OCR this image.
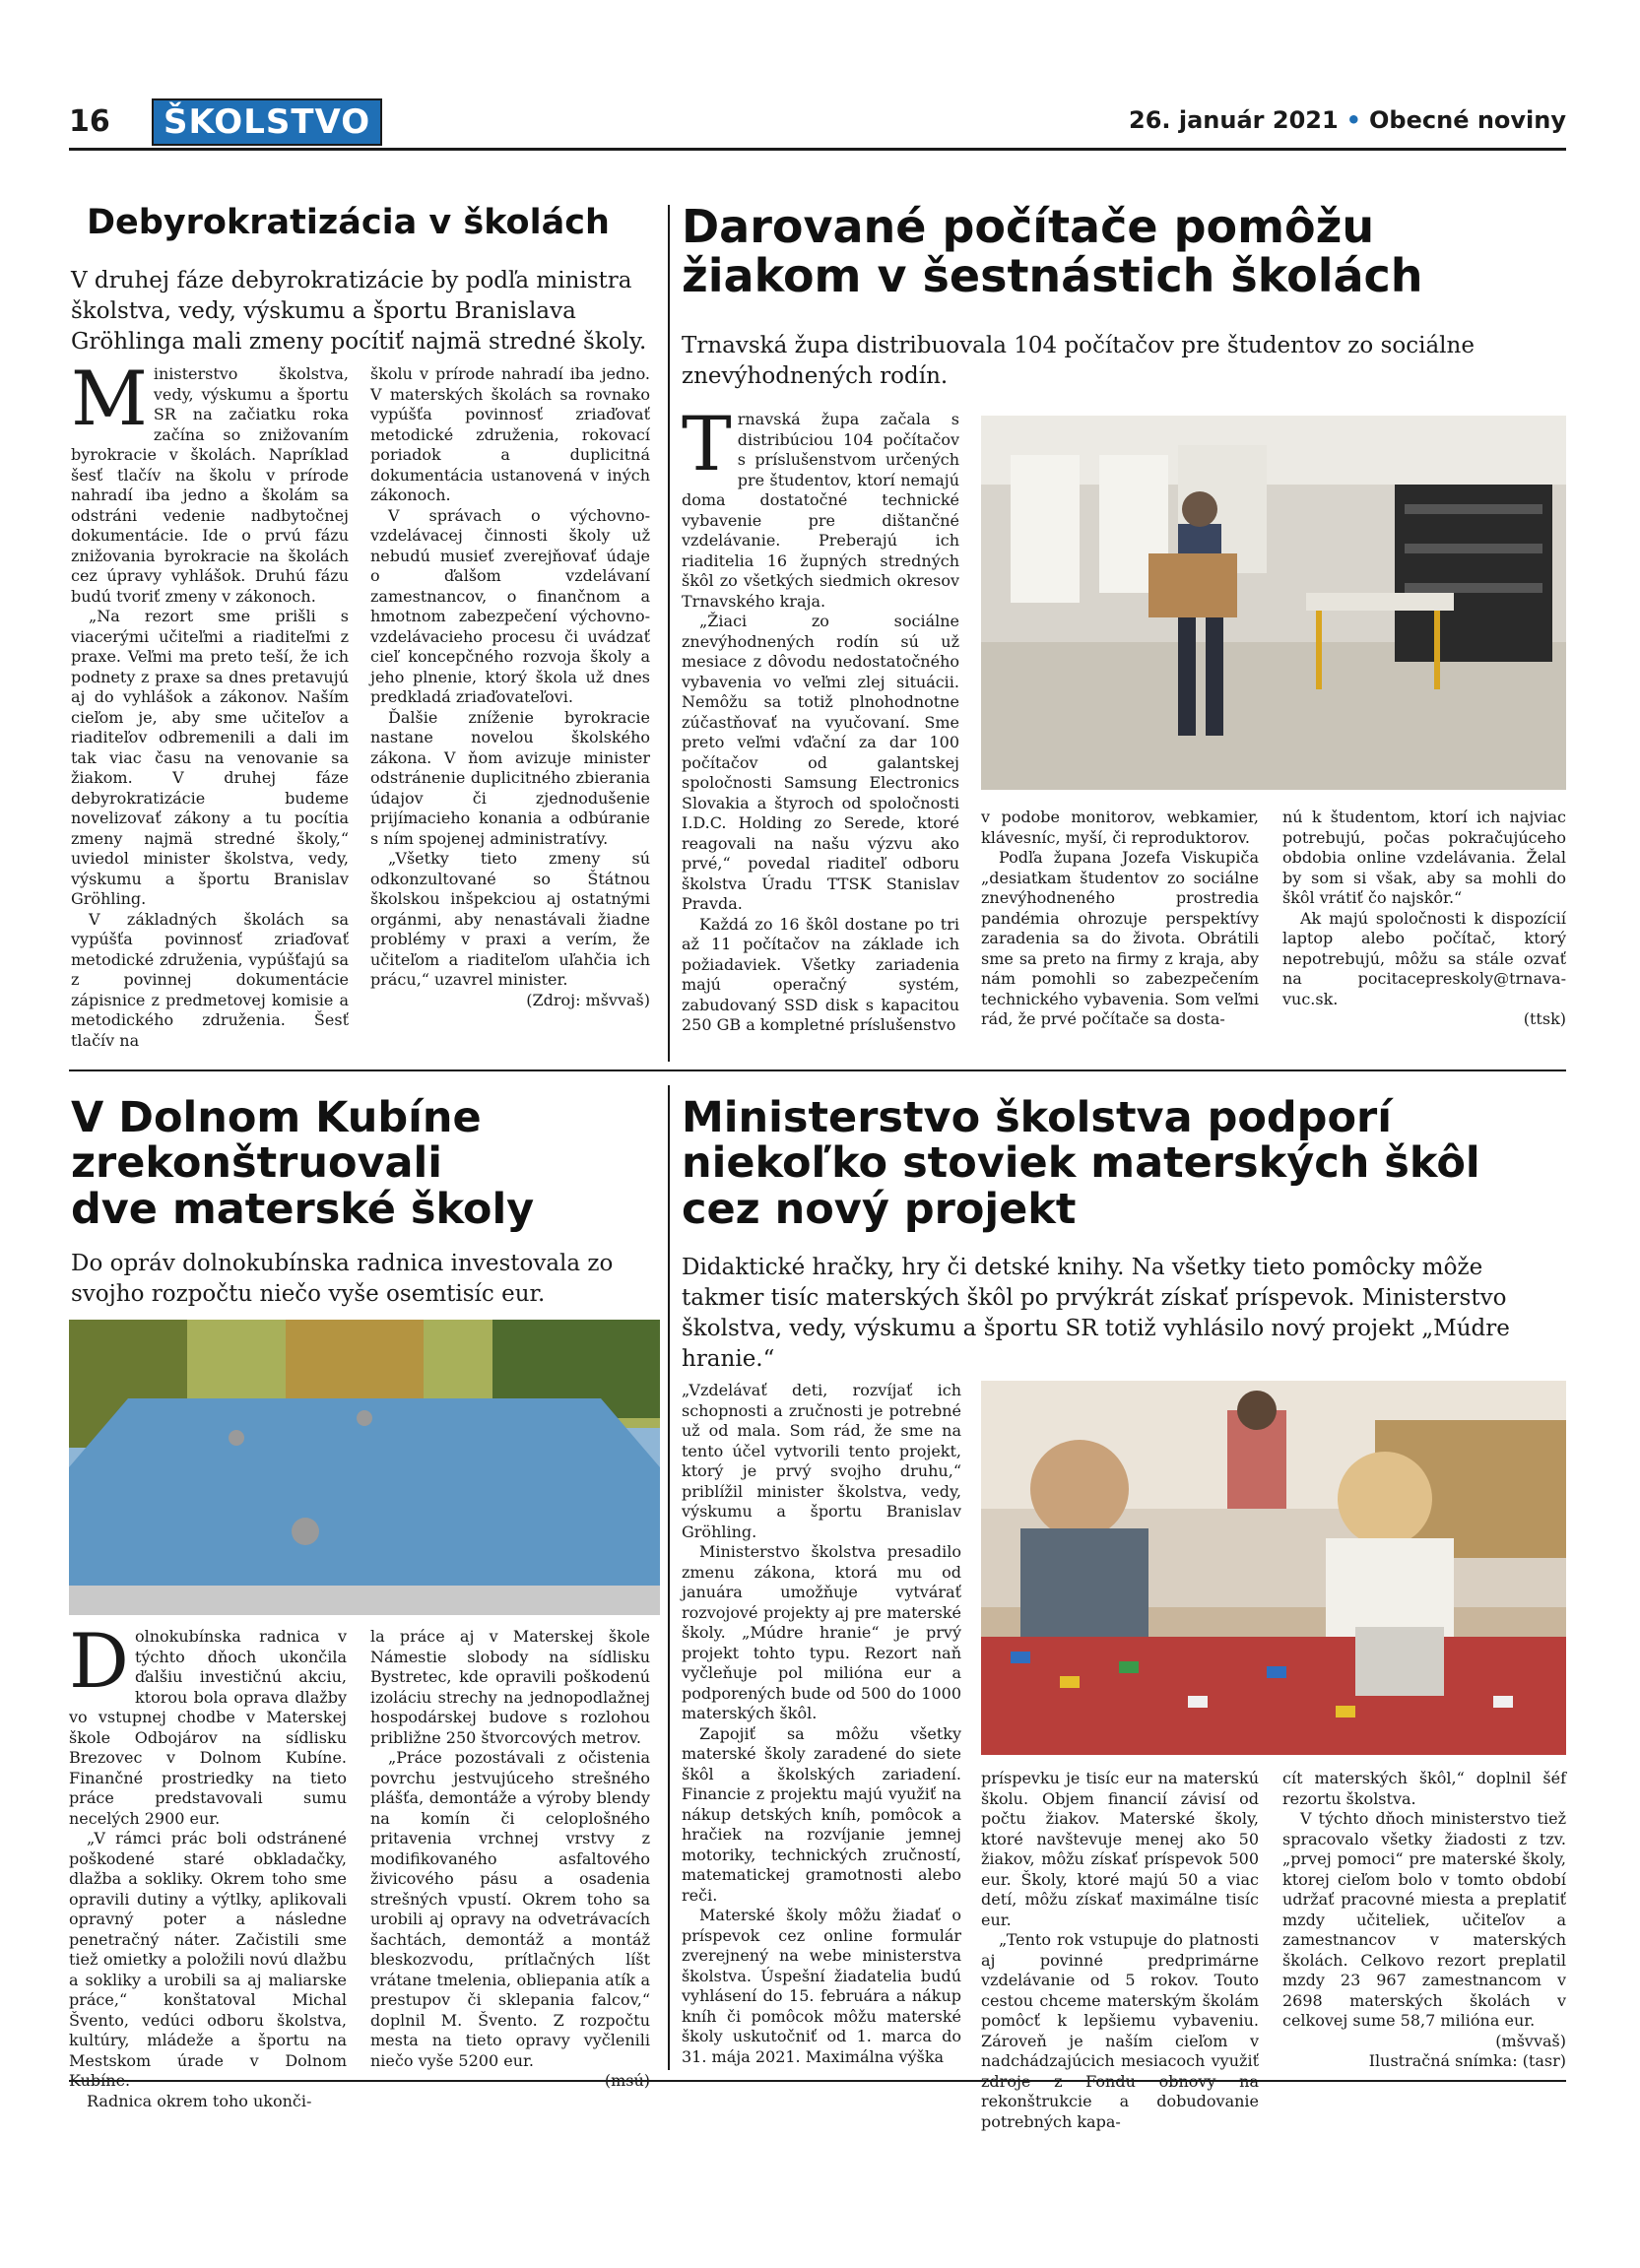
16	ŠKOLSTVO	26. január 2021 • Obecné noviny
Debyrokratizácia v školách

V druhej fáze debyrokratizácie by podľa ministra školstva, vedy, výskumu a športu Branislava Gröhlinga mali zmeny pocítiť najmä stredné školy.

Ministerstvo školstva, vedy, výskumu a športu SR na začiatku roka začína so znižovaním byrokracie v školách. Napríklad šesť tlačív na školu v prírode nahradí iba jedno a školám sa odstráni vedenie nadbytočnej dokumentácie. Ide o prvú fázu znižovania byrokracie na školách cez úpravy vyhlášok. Druhú fázu budú tvoriť zmeny v zákonoch.

„Na rezort sme prišli s viacerými učiteľmi a riaditeľmi z praxe. Veľmi ma preto teší, že ich podnety z praxe sa dnes pretavujú aj do vyhlášok a zákonov. Naším cieľom je, aby sme učiteľov a riaditeľov odbremenili a dali im tak viac času na venovanie sa žiakom. V druhej fáze debyrokratizácie budeme novelizovať zákony a tu pocítia zmeny najmä stredné školy,“ uviedol minister školstva, vedy, výskumu a športu Branislav Gröhling.

V základných školách sa vypúšťa povinnosť zriaďovať metodické združenia, vypúšťajú sa z povinnej dokumentácie zápisnice z predmetovej komisie a metodického združenia. Šesť tlačív na

školu v prírode nahradí iba jedno. V materských školách sa rovnako vypúšťa povinnosť zriaďovať metodické združenia, rokovací poriadok a duplicitná dokumentácia ustanovená v iných zákonoch.

V správach o výchovno-vzdelávacej činnosti školy už nebudú musieť zverejňovať údaje o ďalšom vzdelávaní zamestnancov, o finančnom a hmotnom zabezpečení výchovno-vzdelávacieho procesu či uvádzať cieľ koncepčného rozvoja školy a jeho plnenie, ktorý škola už dnes predkladá zriaďovateľovi.

Ďalšie zníženie byrokracie nastane novelou školského zákona. V ňom avizuje minister odstránenie duplicitného zbierania údajov či zjednodušenie prijímacieho konania a odbúranie s ním spojenej administratívy.

„Všetky tieto zmeny sú odkonzultované so Štátnou školskou inšpekciou aj ostatnými orgánmi, aby nenastávali žiadne problémy v praxi a verím, že učiteľom a riaditeľom uľahčia ich prácu,“ uzavrel minister.

(Zdroj: mšvvaš)

Darované počítače pomôžu
žiakom v šestnástich školách

Trnavská župa distribuovala 104 počítačov pre študentov zo sociálne znevýhodnených rodín.

Trnavská župa začala s distribúciou 104 počítačov s príslušenstvom určených pre študentov, ktorí nemajú doma dostatočné technické vybavenie pre dištančné vzdelávanie. Preberajú ich riaditelia 16 župných stredných škôl zo všetkých siedmich okresov Trnavského kraja.

„Žiaci zo sociálne znevýhodnených rodín sú už mesiace z dôvodu nedostatočného vybavenia vo veľmi zlej situácii. Nemôžu sa totiž plnohodnotne zúčastňovať na vyučovaní. Sme preto veľmi vďační za dar 100 počítačov od galantskej spoločnosti Samsung Electronics Slovakia a štyroch od spoločnosti I.D.C. Holding zo Serede, ktoré reagovali na našu výzvu ako prvé,“ povedal riaditeľ odboru školstva Úradu TTSK Stanislav Pravda.

Každá zo 16 škôl dostane po tri až 11 počítačov na základe ich požiadaviek. Všetky zariadenia majú operačný systém, zabudovaný SSD disk s kapacitou 250 GB a kompletné príslušenstvo

v podobe monitorov, webkamier, klávesníc, myší, či reproduktorov.

Podľa župana Jozefa Viskupiča „desiatkam študentov zo sociálne znevýhodneného prostredia pandémia ohrozuje perspektívy zaradenia sa do života. Obrátili sme sa preto na firmy z kraja, aby nám pomohli so zabezpečením technického vybavenia. Som veľmi rád, že prvé počítače sa dosta-

nú k študentom, ktorí ich najviac potrebujú, počas pokračujúceho obdobia online vzdelávania. Želal by som si však, aby sa mohli do škôl vrátiť čo najskôr.“

Ak majú spoločnosti k dispozícií laptop alebo počítač, ktorý nepotrebujú, môžu sa stále ozvať na pocitacepreskoly@trnava-vuc.sk.

(ttsk)

V Dolnom Kubíne
zrekonštruovali
dve materské školy

Do opráv dolnokubínska radnica investovala zo svojho rozpočtu niečo vyše osemtisíc eur.

Dolnokubínska radnica v týchto dňoch ukončila ďalšiu investičnú akciu, ktorou bola oprava dlažby vo vstupnej chodbe v Materskej škole Odbojárov na sídlisku Brezovec v Dolnom Kubíne. Finančné prostriedky na tieto práce predstavovali sumu necelých 2900 eur.

„V rámci prác boli odstránené poškodené staré obkladačky, dlažba a sokliky. Okrem toho sme opravili dutiny a výtlky, aplikovali opravný poter a následne penetračný náter. Začistili sme tiež omietky a položili novú dlažbu a sokliky a urobili sa aj maliarske práce,“ konštatoval Michal Švento, vedúci odboru školstva, kultúry, mládeže a športu na Mestskom úrade v Dolnom Kubíne.

Radnica okrem toho ukonči-

la práce aj v Materskej škole Námestie slobody na sídlisku Bystretec, kde opravili poškodenú izoláciu strechy na jednopodlažnej hospodárskej budove s rozlohou približne 250 štvorcových metrov.

„Práce pozostávali z očistenia povrchu jestvujúceho strešného plášťa, demontáže a výroby blendy na komín či celoplošného pritavenia vrchnej vrstvy z modifikovaného asfaltového živicového pásu a osadenia strešných vpustí. Okrem toho sa urobili aj opravy na odvetrávacích šachtách, demontáž a montáž bleskozvodu, prítlačných líšt vrátane tmelenia, obliepania atík a prestupov či sklepania falcov,“ doplnil M. Švento. Z rozpočtu mesta na tieto opravy vyčlenili niečo vyše 5200 eur.

(msú)

Ministerstvo školstva podporí
niekoľko stoviek materských škôl
cez nový projekt

Didaktické hračky, hry či detské knihy. Na všetky tieto pomôcky môže takmer tisíc materských škôl po prvýkrát získať príspevok. Ministerstvo školstva, vedy, výskumu a športu SR totiž vyhlásilo nový projekt „Múdre hranie.“

„Vzdelávať deti, rozvíjať ich schopnosti a zručnosti je potrebné už od mala. Som rád, že sme na tento účel vytvorili tento projekt, ktorý je prvý svojho druhu,“ priblížil minister školstva, vedy, výskumu a športu Branislav Gröhling.

Ministerstvo školstva presadilo zmenu zákona, ktorá mu od januára umožňuje vytvárať rozvojové projekty aj pre materské školy. „Múdre hranie“ je prvý projekt tohto typu. Rezort naň vyčleňuje pol milióna eur a podporených bude od 500 do 1000 materských škôl.

Zapojiť sa môžu všetky materské školy zaradené do siete škôl a školských zariadení. Financie z projektu majú využiť na nákup detských kníh, pomôcok a hračiek na rozvíjanie jemnej motoriky, technických zručností, matematickej gramotnosti alebo reči.

Materské školy môžu žiadať o príspevok cez online formulár zverejnený na webe ministerstva školstva. Úspešní žiadatelia budú vyhlásení do 15. februára a nákup kníh či pomôcok môžu materské školy uskutočniť od 1. marca do 31. mája 2021. Maximálna výška

príspevku je tisíc eur na materskú školu. Objem financií závisí od počtu žiakov. Materské školy, ktoré navštevuje menej ako 50 žiakov, môžu získať príspevok 500 eur. Školy, ktoré majú 50 a viac detí, môžu získať maximálne tisíc eur.

„Tento rok vstupuje do platnosti aj povinné predprimárne vzdelávanie od 5 rokov. Touto cestou chceme materským školám pomôcť k lepšiemu vybaveniu. Zároveň je naším cieľom v nadchádzajúcich mesiacoch využiť zdroje z Fondu obnovy na rekonštrukcie a dobudovanie potrebných kapa-

cít materských škôl,“ doplnil šéf rezortu školstva.

V týchto dňoch ministerstvo tiež spracovalo všetky žiadosti z tzv. „prvej pomoci“ pre materské školy, ktorej cieľom bolo v tomto období udržať pracovné miesta a preplatiť mzdy učiteliek, učiteľov a zamestnancov v materských školách. Celkovo rezort preplatil mzdy 23 967 zamestnancom v 2698 materských školách v celkovej sume 58,7 milióna eur.

(mšvvaš)

Ilustračná snímka: (tasr)
